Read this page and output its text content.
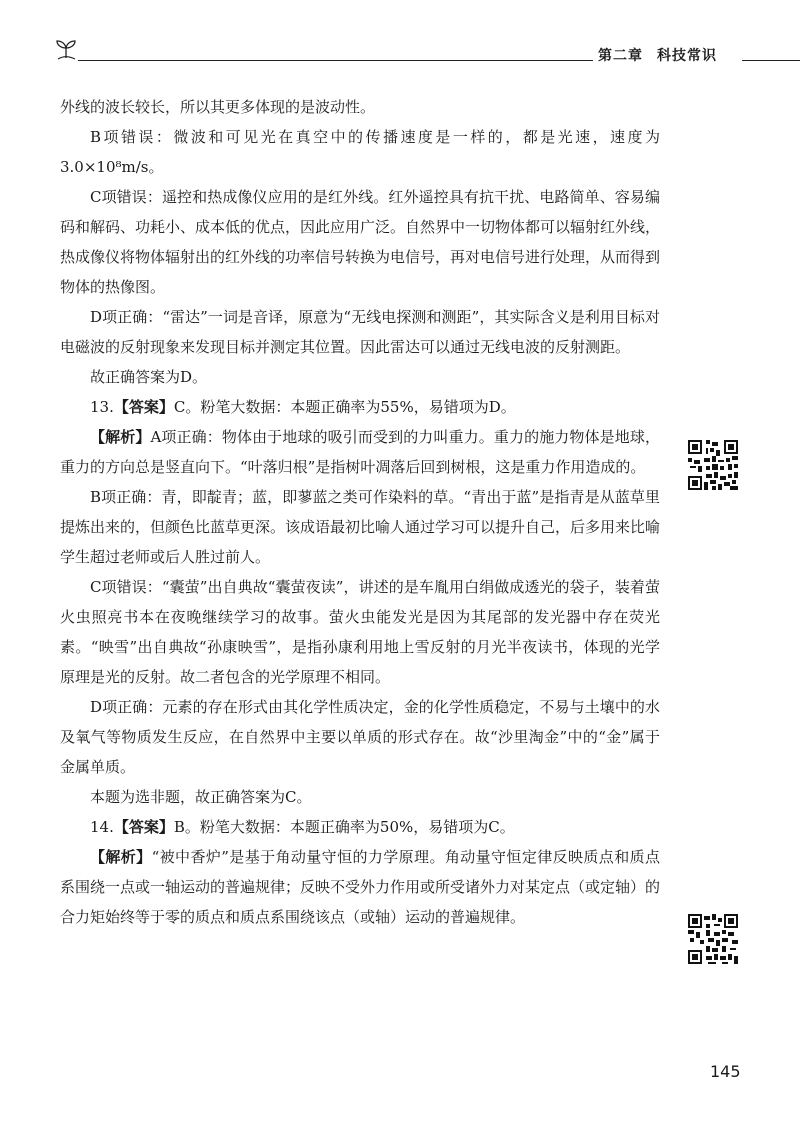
第二章 科技常识

外线的波长较长，所以其更多体现的是波动性。

B项错误：微波和可见光在真空中的传播速度是一样的，都是光速，速度为3.0×10⁸m/s。

C项错误：遥控和热成像仪应用的是红外线。红外遥控具有抗干扰、电路简单、容易编码和解码、功耗小、成本低的优点，因此应用广泛。自然界中一切物体都可以辐射红外线，热成像仪将物体辐射出的红外线的功率信号转换为电信号，再对电信号进行处理，从而得到物体的热像图。

D项正确：“雷达”一词是音译，原意为“无线电探测和测距”，其实际含义是利用目标对电磁波的反射现象来发现目标并测定其位置。因此雷达可以通过无线电波的反射测距。

故正确答案为D。

13.【答案】C。粉笔大数据：本题正确率为55%，易错项为D。

【解析】A项正确：物体由于地球的吸引而受到的力叫重力。重力的施力物体是地球，重力的方向总是竖直向下。“叶落归根”是指树叶凋落后回到树根，这是重力作用造成的。

B项正确：青，即靛青；蓝，即蓼蓝之类可作染料的草。“青出于蓝”是指青是从蓝草里提炼出来的，但颜色比蓝草更深。该成语最初比喻人通过学习可以提升自己，后多用来比喻学生超过老师或后人胜过前人。

C项错误：“囊萤”出自典故“囊萤夜读”，讲述的是车胤用白绢做成透光的袋子，装着萤火虫照亮书本在夜晚继续学习的故事。萤火虫能发光是因为其尾部的发光器中存在荧光素。“映雪”出自典故“孙康映雪”，是指孙康利用地上雪反射的月光半夜读书，体现的光学原理是光的反射。故二者包含的光学原理不相同。

D项正确：元素的存在形式由其化学性质决定，金的化学性质稳定，不易与土壤中的水及氧气等物质发生反应，在自然界中主要以单质的形式存在。故“沙里淘金”中的“金”属于金属单质。

本题为选非题，故正确答案为C。

14.【答案】B。粉笔大数据：本题正确率为50%，易错项为C。

【解析】“被中香炉”是基于角动量守恒的力学原理。角动量守恒定律反映质点和质点系围绕一点或一轴运动的普遍规律；反映不受外力作用或所受诸外力对某定点（或定轴）的合力矩始终等于零的质点和质点系围绕该点（或轴）运动的普遍规律。

145
